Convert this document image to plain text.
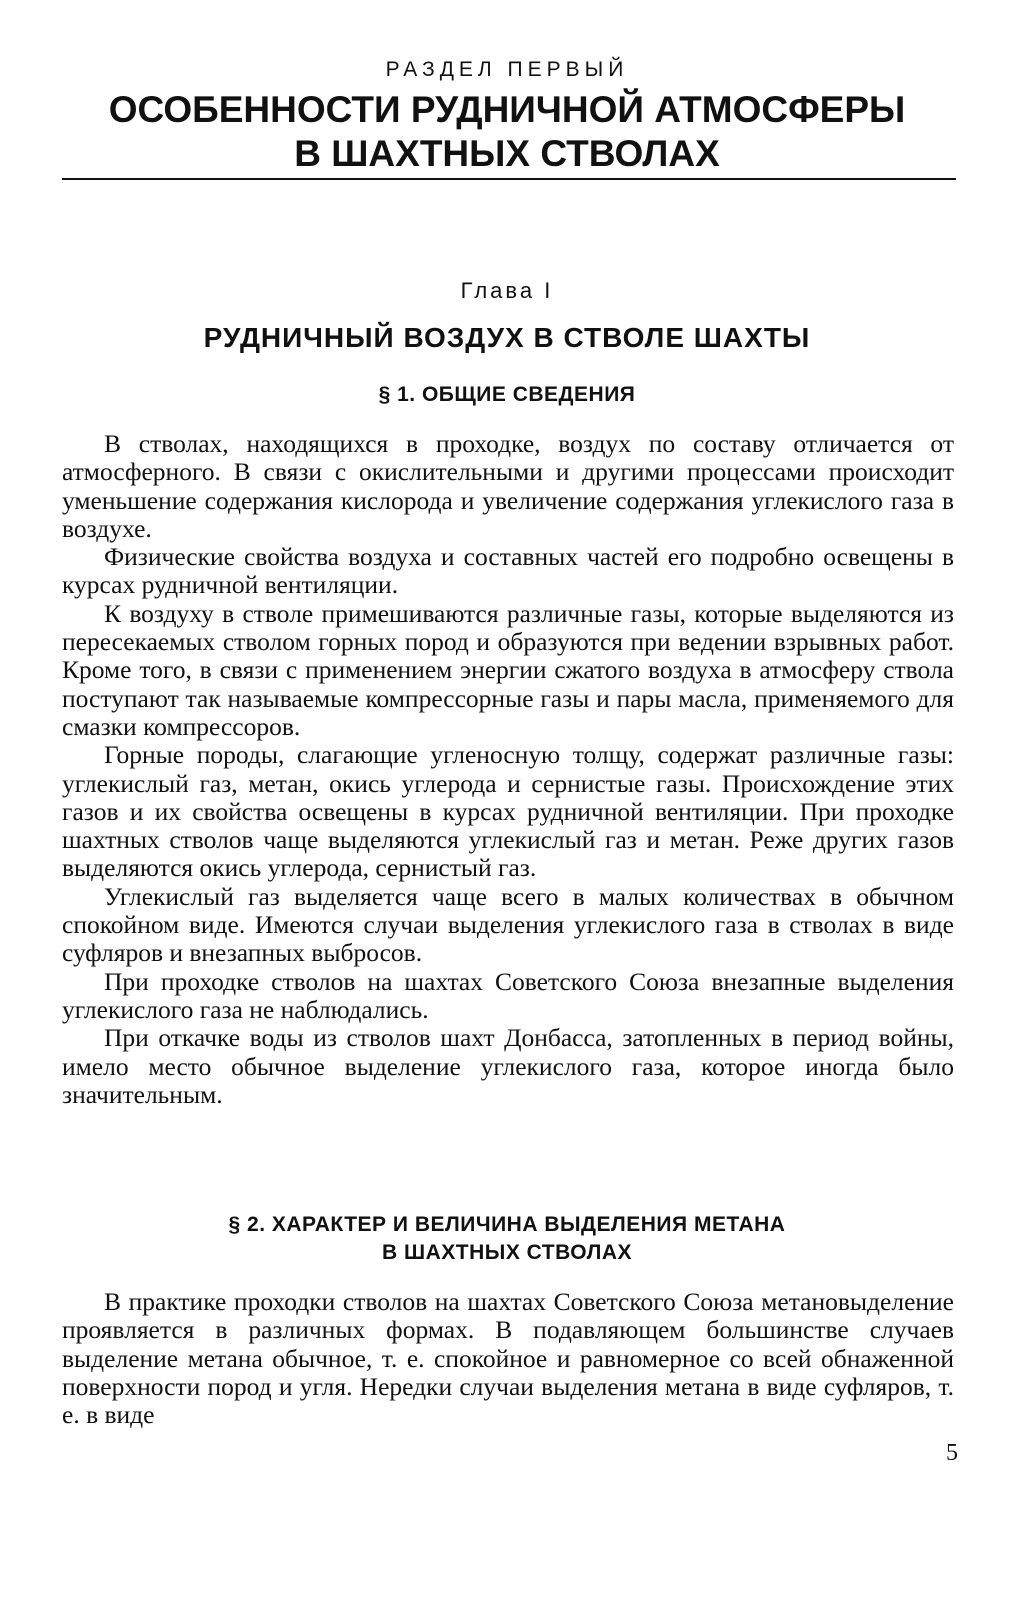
РАЗДЕЛ ПЕРВЫЙ
ОСОБЕННОСТИ РУДНИЧНОЙ АТМОСФЕРЫ
В ШАХТНЫХ СТВОЛАХ
Глава I
РУДНИЧНЫЙ ВОЗДУХ В СТВОЛЕ ШАХТЫ
§ 1. ОБЩИЕ СВЕДЕНИЯ

В стволах, находящихся в проходке, воздух по составу отличается от атмосферного. В связи с окислительными и другими процессами происходит уменьшение содержания кислорода и увеличение содержания углекислого газа в воздухе.

Физические свойства воздуха и составных частей его подробно освещены в курсах рудничной вентиляции.

К воздуху в стволе примешиваются различные газы, которые выделяются из пересекаемых стволом горных пород и образуются при ведении взрывных работ. Кроме того, в связи с применением энергии сжатого воздуха в атмосферу ствола поступают так называемые компрессорные газы и пары масла, применяемого для смазки компрессоров.

Горные породы, слагающие угленосную толщу, содержат различные газы: углекислый газ, метан, окись углерода и сернистые газы. Происхождение этих газов и их свойства освещены в курсах рудничной вентиляции. При проходке шахтных стволов чаще выделяются углекислый газ и метан. Реже других газов выделяются окись углерода, сернистый газ.

Углекислый газ выделяется чаще всего в малых количествах в обычном спокойном виде. Имеются случаи выделения углекислого газа в стволах в виде суфляров и внезапных выбросов.

При проходке стволов на шахтах Советского Союза внезапные выделения углекислого газа не наблюдались.

При откачке воды из стволов шахт Донбасса, затопленных в период войны, имело место обычное выделение углекислого газа, которое иногда было значительным.

§ 2. ХАРАКТЕР И ВЕЛИЧИНА ВЫДЕЛЕНИЯ МЕТАНА
В ШАХТНЫХ СТВОЛАХ

В практике проходки стволов на шахтах Советского Союза метановыделение проявляется в различных формах. В подавляющем большинстве случаев выделение метана обычное, т. е. спокойное и равномерное со всей обнаженной поверхности пород и угля. Нередки случаи выделения метана в виде суфляров, т. е. в виде

5
